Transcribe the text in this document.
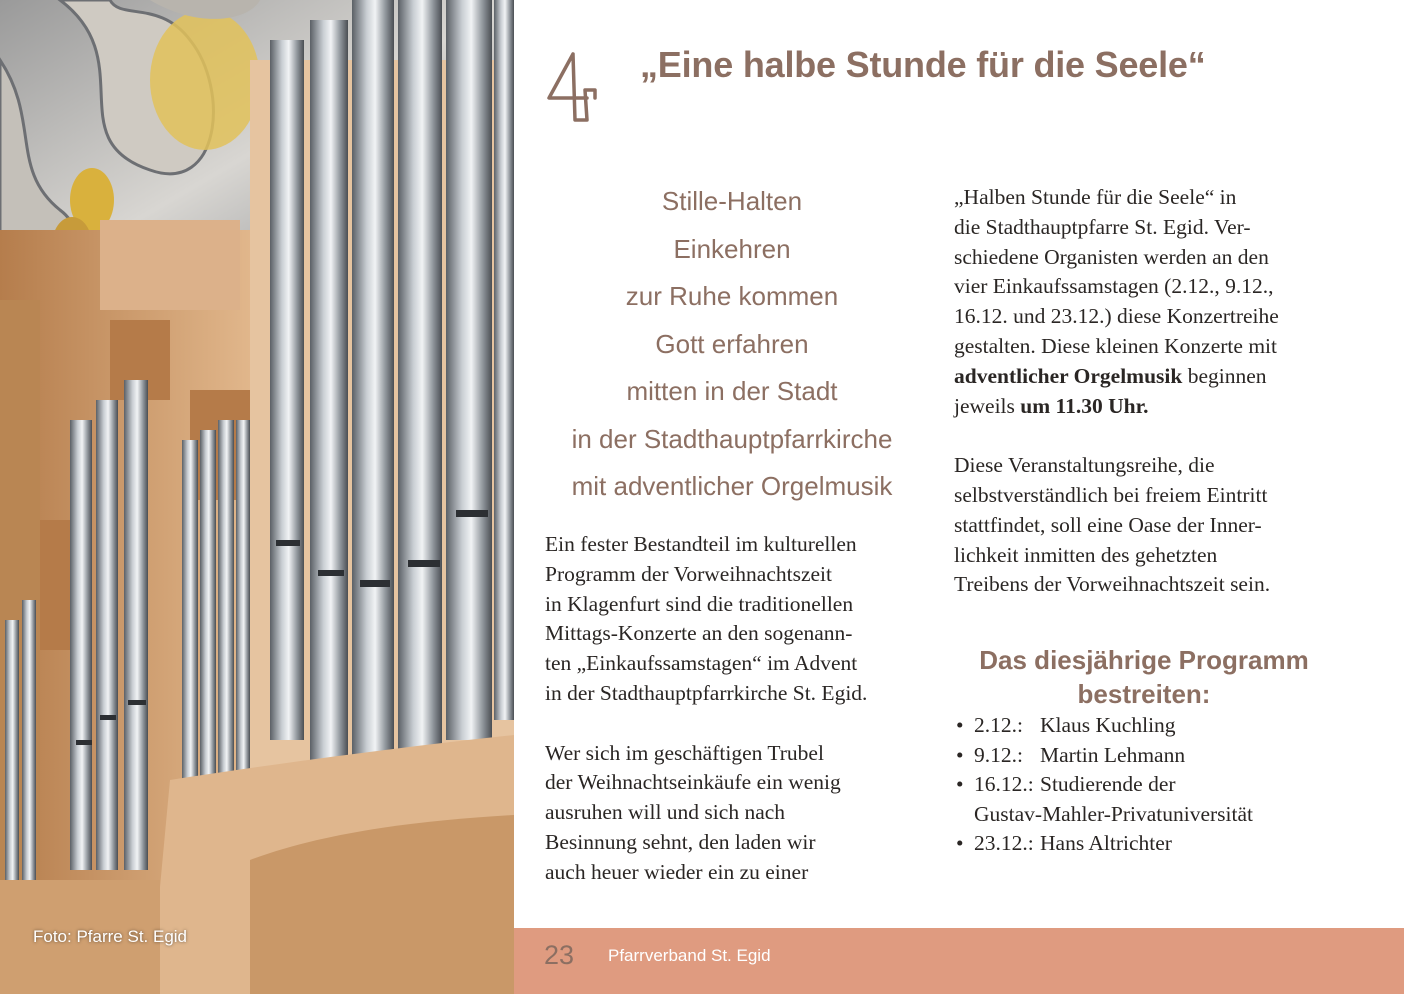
Foto: Pfarre St. Egid
„Eine halbe Stunde für die Seele“
Stille-Halten
Einkehren
zur Ruhe kommen
Gott erfahren
mitten in der Stadt
in der Stadthauptpfarrkirche
mit adventlicher Orgelmusik

Ein fester Bestandteil im kulturellen
Programm der Vorweihnachtszeit
in Klagenfurt sind die traditionellen
Mittags-Konzerte an den sogenann-
ten „Einkaufssamstagen“ im Advent
in der Stadthauptpfarrkirche St. Egid.

Wer sich im geschäftigen Trubel
der Weihnachtseinkäufe ein wenig
ausruhen will und sich nach
Besinnung sehnt, den laden wir
auch heuer wieder ein zu einer

„Halben Stunde für die Seele“ in
die Stadthauptpfarre St. Egid. Ver-
schiedene Organisten werden an den
vier Einkaufssamstagen (2.12., 9.12.,
16.12. und 23.12.) diese Konzertreihe
gestalten. Diese kleinen Konzerte mit
adventlicher Orgelmusik beginnen
jeweils um 11.30 Uhr.

Diese Veranstaltungsreihe, die
selbstverständlich bei freiem Eintritt
stattfindet, soll eine Oase der Inner-
lichkeit inmitten des gehetzten
Treibens der Vorweihnachtszeit sein.

Das diesjährige Programm
bestreiten:
• 2.12.: Klaus Kuchling
• 9.12.: Martin Lehmann
• 16.12.: Studierende der
Gustav-Mahler-Privatuniversität
• 23.12.: Hans Altrichter
23 Pfarrverband St. Egid
